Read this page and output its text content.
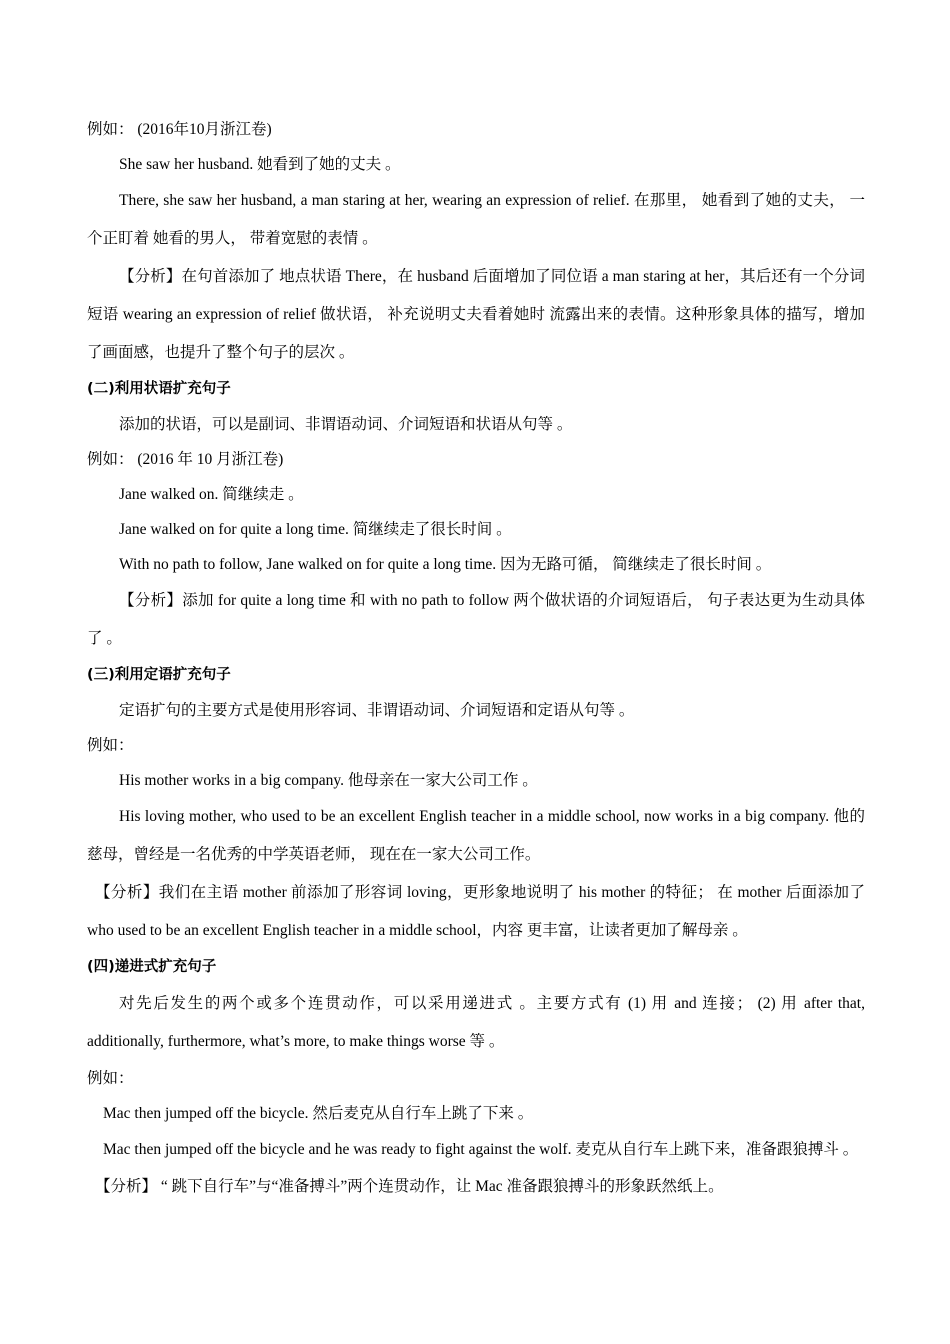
例如： (2016年10月浙江卷)

She saw her husband. 她看到了她的丈夫 。

There, she saw her husband, a man staring at her, wearing an expression of relief. 在那里， 她看到了她的丈夫， 一 个正盯着 她看的男人， 带着宽慰的表情 。

【分析】在句首添加了 地点状语 There，在 husband 后面增加了同位语 a man staring at her，其后还有一个分词短语 wearing an expression of relief 做状语， 补充说明丈夫看着她时 流露出来的表情。这种形象具体的描写，增加了画面感，也提升了整个句子的层次 。

(二)利用状语扩充句子

添加的状语，可以是副词、非谓语动词、介词短语和状语从句等 。

例如： (2016 年 10 月浙江卷)

Jane walked on. 简继续走 。

Jane walked on for quite a long time. 简继续走了很长时间 。

With no path to follow, Jane walked on for quite a long time. 因为无路可循， 简继续走了很长时间 。

【分析】添加 for quite a long time 和 with no path to follow 两个做状语的介词短语后， 句子表达更为生动具体了 。

(三)利用定语扩充句子

定语扩句的主要方式是使用形容词、非谓语动词、介词短语和定语从句等 。

例如：

His mother works in a big company. 他母亲在一家大公司工作 。

His loving mother, who used to be an excellent English teacher in a middle school, now works in a big company. 他的慈母，曾经是一名优秀的中学英语老师， 现在在一家大公司工作。

【分析】我们在主语 mother 前添加了形容词 loving，更形象地说明了 his mother 的特征； 在 mother 后面添加了 who used to be an excellent English teacher in a middle school，内容 更丰富，让读者更加了解母亲 。

(四)递进式扩充句子

对先后发生的两个或多个连贯动作，可以采用递进式 。主要方式有 (1) 用 and 连接； (2) 用 after that, additionally, furthermore, what’s more, to make things worse 等 。

例如：

Mac then jumped off the bicycle. 然后麦克从自行车上跳了下来 。

Mac then jumped off the bicycle and he was ready to fight against the wolf. 麦克从自行车上跳下来，准备跟狼搏斗 。

【分析】 “ 跳下自行车”与“准备搏斗”两个连贯动作，让 Mac 准备跟狼搏斗的形象跃然纸上。
